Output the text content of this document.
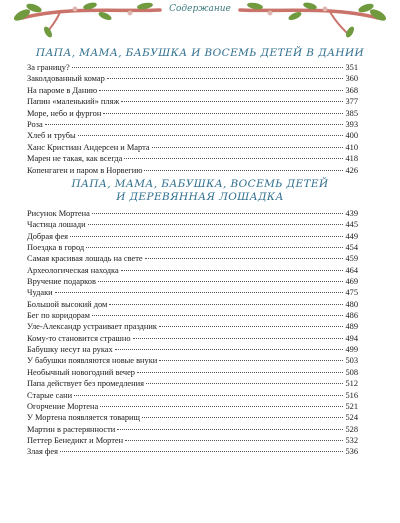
Содержание
ПАПА, МАМА, БАБУШКА И ВОСЕМЬ ДЕТЕЙ В ДАНИИ
За границу?	351
Заколдованный комар	360
На пароме в Данию	368
Папин «маленький» пляж	377
Море, небо и фургон	385
Роза	393
Хлеб и трубы	400
Ханс Кристиан Андерсен и Марта	410
Марен не такая, как всегда	418
Копенгаген и паром в Норвегию	426
ПАПА, МАМА, БАБУШКА, ВОСЕМЬ ДЕТЕЙ
И ДЕРЕВЯННАЯ ЛОШАДКА
Рисунок Мортена	439
Частица лошади	445
Добрая фея	449
Поездка в город	454
Самая красивая лошадь на свете	459
Археологическая находка	464
Вручение подарков	469
Чудаки	475
Большой высокий дом	480
Бег по коридорам	486
Уле-Александр устраивает праздник	489
Кому-то становится страшно	494
Бабушку несут на руках	499
У бабушки появляются новые внуки	503
Необычный новогодний вечер	508
Папа действует без промедления	512
Старые сани	516
Огорчение Мортена	521
У Мортена появляется товарищ	524
Мартин в растерянности	528
Петтер Бенедикт и Мортен	532
Злая фея	536
